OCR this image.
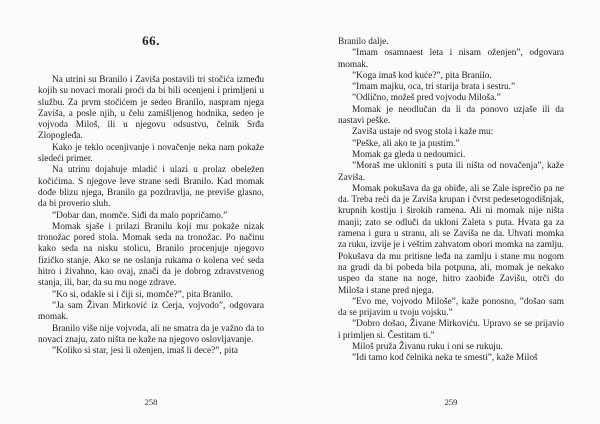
66.

Na utrini su Branilo i Zaviša postavili tri stočića između kojih su novaci morali proći da bi bili ocenjeni i primljeni u službu. Za prvm stočićem je sedeo Branilo, naspram njega Zaviša, a posle njih, u čelu zamišljenog hodnika, sedeo je vojvoda Miloš, ili u njegovu odsustvu, čelnik Srđa Zlopogleđa.

Kako je teklo ocenjivanje i novačenje neka nam pokaže sledeći primer.

Na utrinu dojahuje mladić i ulazi u prolaz obeležen kočićima. S njegove leve strane sedi Branilo. Kad momak dođe blizu njega, Branilo ga pozdravlja, ne previše glasno, da bi proverio sluh.

”Dobar dan, momče. Siđi da malo popričamo.”

Momak sjaše i prilazi Branilu koji mu pokaže nizak tronožac pored stola. Momak seda na tronožac. Po načinu kako seda na nisku stolicu, Branilo procenjuje njegovo fizičko stanje. Ako se ne oslanja rukama o kolena već seda hitro i živahno, kao ovaj, znači da je dobrog zdravstvenog stanja, ili, bar, da su mu noge zdrave.

”Ko si, odakle si i čiji si, momče?”, pita Branilo.

”Ja sam Živan Mirković iz Cerja, vojvodo”, odgovara momak.

Branilo više nije vojvoda, ali ne smatra da je važno da to novaci znaju, zato ništa ne kaže na njegovo oslovljavanje.

”Koliko si star, jesi li oženjen, imaš li dece?”, pita

258

Branilo dalje.

”Imam osamnaest leta i nisam oženjen”, odgovara momak.

”Koga imaš kod kuće?”, pita Branilo.

”Imam majku, oca, tri starija brata i sestru.”

”Odlično, možeš pred vojvodu Miloša.”

Momak je neodlučan da li da ponovo uzjaše ili da nastavi peške.

Zaviša ustaje od svog stola i kaže mu:

”Peške, ali ako te ja pustim.”

Momak ga gleda u nedoumici.

”Moraš me ukloniti s puta ili ništa od novačenja”, kaže Zaviša.

Momak pokušava da ga obiđe, ali se Zale isprečio pa ne da. Treba reći da je Zaviša krupan i čvrst pedesetogodišnjak, krupnih kostiju i širokih ramena. Ali ni momak nije ništa manji; zato se odluči da ukloni Zaleta s puta. Hvata ga za ramena i gura u stranu, ali se Zaviša ne da. Uhvati momka za ruku, izvije je i veštim zahvatom obori momka na zamlju. Pokušava da mu pritisne leđa na zamlju i stane mu nogom na grudi da bi pobeda bila potpuna, ali, momak je nekako uspeo da stane na noge, hitro zaobiđe Zavišu, otrči do Miloša i stane pred njega.

”Evo me, vojvodo Miloše”, kaže ponosno, ”došao sam da se prijavim u tvoju vojsku.”

”Dobro došao, Živane Mirkoviću. Upravo se se prijavio i primljen si. Čestitam ti.”

Miloš pruža Živanu ruku i oni se rukuju.

”Idi tamo kod čelnika neka te smesti”, kaže Miloš

259
